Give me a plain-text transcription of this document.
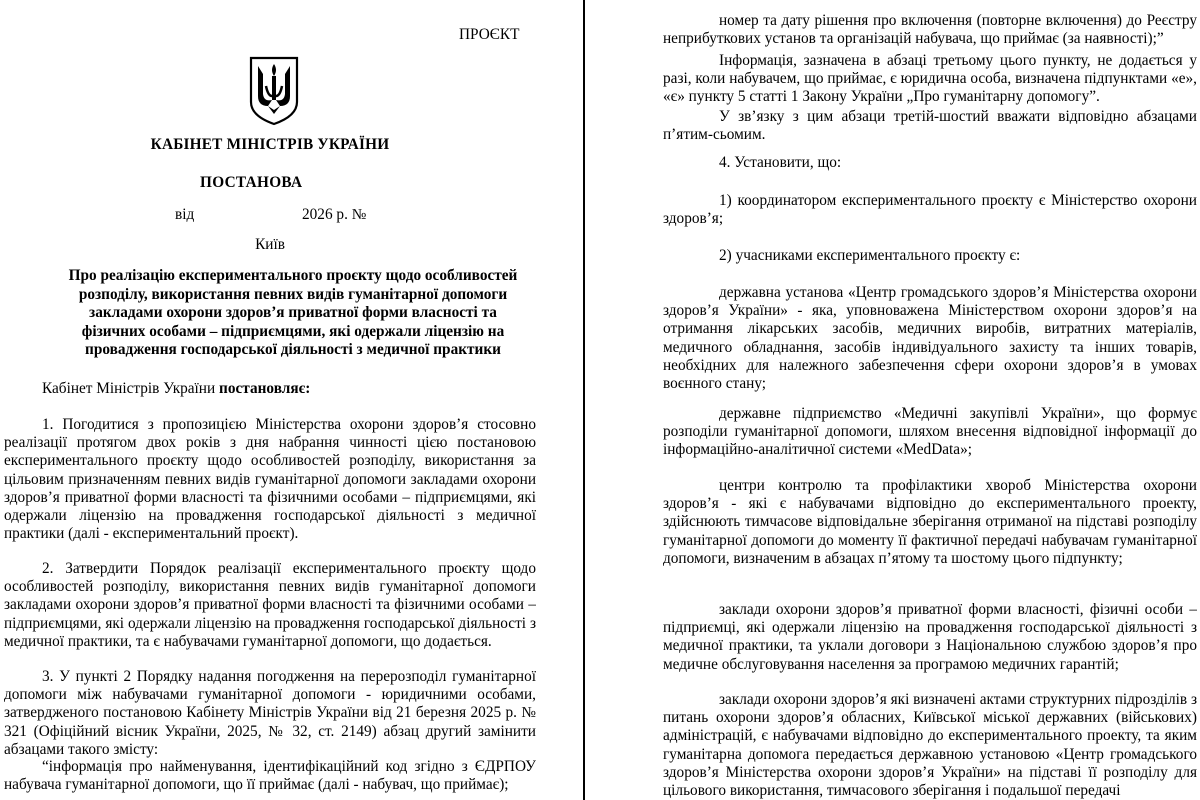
ПРОЄКТ
КАБІНЕТ МІНІСТРІВ УКРАЇНИ
ПОСТАНОВА
від	2026 р. №
Київ
Про реалізацію експериментального проєкту щодо особливостей розподілу, використання певних видів гуманітарної допомоги закладами охорони здоров’я приватної форми власності та фізичних особами – підприємцями, які одержали ліцензію на провадження господарської діяльності з медичної практики
Кабінет Міністрів України постановляє:

1. Погодитися з пропозицією Міністерства охорони здоров’я стосовно реалізації протягом двох років з дня набрання чинності цією постановою експериментального проєкту щодо особливостей розподілу, використання за цільовим призначенням певних видів гуманітарної допомоги закладами охорони здоров’я приватної форми власності та фізичними особами – підприємцями, які одержали ліцензію на провадження господарської діяльності з медичної практики (далі - експериментальний проєкт).

2. Затвердити Порядок реалізації експериментального проєкту щодо особливостей розподілу, використання певних видів гуманітарної допомоги закладами охорони здоров’я приватної форми власності та фізичними особами – підприємцями, які одержали ліцензію на провадження господарської діяльності з медичної практики, та є набувачами гуманітарної допомоги, що додається.

3. У пункті 2 Порядку надання погодження на перерозподіл гуманітарної допомоги між набувачами гуманітарної допомоги - юридичними особами, затвердженого постановою Кабінету Міністрів України від 21 березня 2025 р. № 321 (Офіційний вісник України, 2025, № 32, ст. 2149) абзац другий замінити абзацами такого змісту:

“інформація про найменування, ідентифікаційний код згідно з ЄДРПОУ набувача гуманітарної допомоги, що її приймає (далі - набувач, що приймає);

номер та дату рішення про включення (повторне включення) до Реєстру неприбуткових установ та організацій набувача, що приймає (за наявності);”

Інформація, зазначена в абзаці третьому цього пункту, не додається у разі, коли набувачем, що приймає, є юридична особа, визначена підпунктами «е», «є» пункту 5 статті 1 Закону України „Про гуманітарну допомогу”.

У зв’язку з цим абзаци третій-шостий вважати відповідно абзацами п’ятим-сьомим.

4. Установити, що:

1) координатором експериментального проєкту є Міністерство охорони здоров’я;

2) учасниками експериментального проєкту є:

державна установа «Центр громадського здоров’я Міністерства охорони здоров’я України» - яка, уповноважена Міністерством охорони здоров’я на отримання лікарських засобів, медичних виробів, витратних матеріалів, медичного обладнання, засобів індивідуального захисту та інших товарів, необхідних для належного забезпечення сфери охорони здоров’я в умовах воєнного стану;

державне підприємство «Медичні закупівлі України», що формує розподіли гуманітарної допомоги, шляхом внесення відповідної інформації до інформаційно-аналітичної системи «MedData»;

центри контролю та профілактики хвороб Міністерства охорони здоров’я - які є набувачами відповідно до експериментального проекту, здійснюють тимчасове відповідальне зберігання отриманої на підставі розподілу гуманітарної допомоги до моменту її фактичної передачі набувачам гуманітарної допомоги, визначеним в абзацах п’ятому та шостому цього підпункту;

заклади охорони здоров’я приватної форми власності, фізичні особи – підприємці, які одержали ліцензію на провадження господарської діяльності з медичної практики, та уклали договори з Національною службою здоров’я про медичне обслуговування населення за програмою медичних гарантій;

заклади охорони здоров’я які визначені актами структурних підрозділів з питань охорони здоров’я обласних, Київської міської державних (військових) адміністрацій, є набувачами відповідно до експериментального проекту, та яким гуманітарна допомога передається державною установою «Центр громадського здоров’я Міністерства охорони здоров’я України» на підставі її розподілу для цільового використання, тимчасового зберігання і подальшої передачі
